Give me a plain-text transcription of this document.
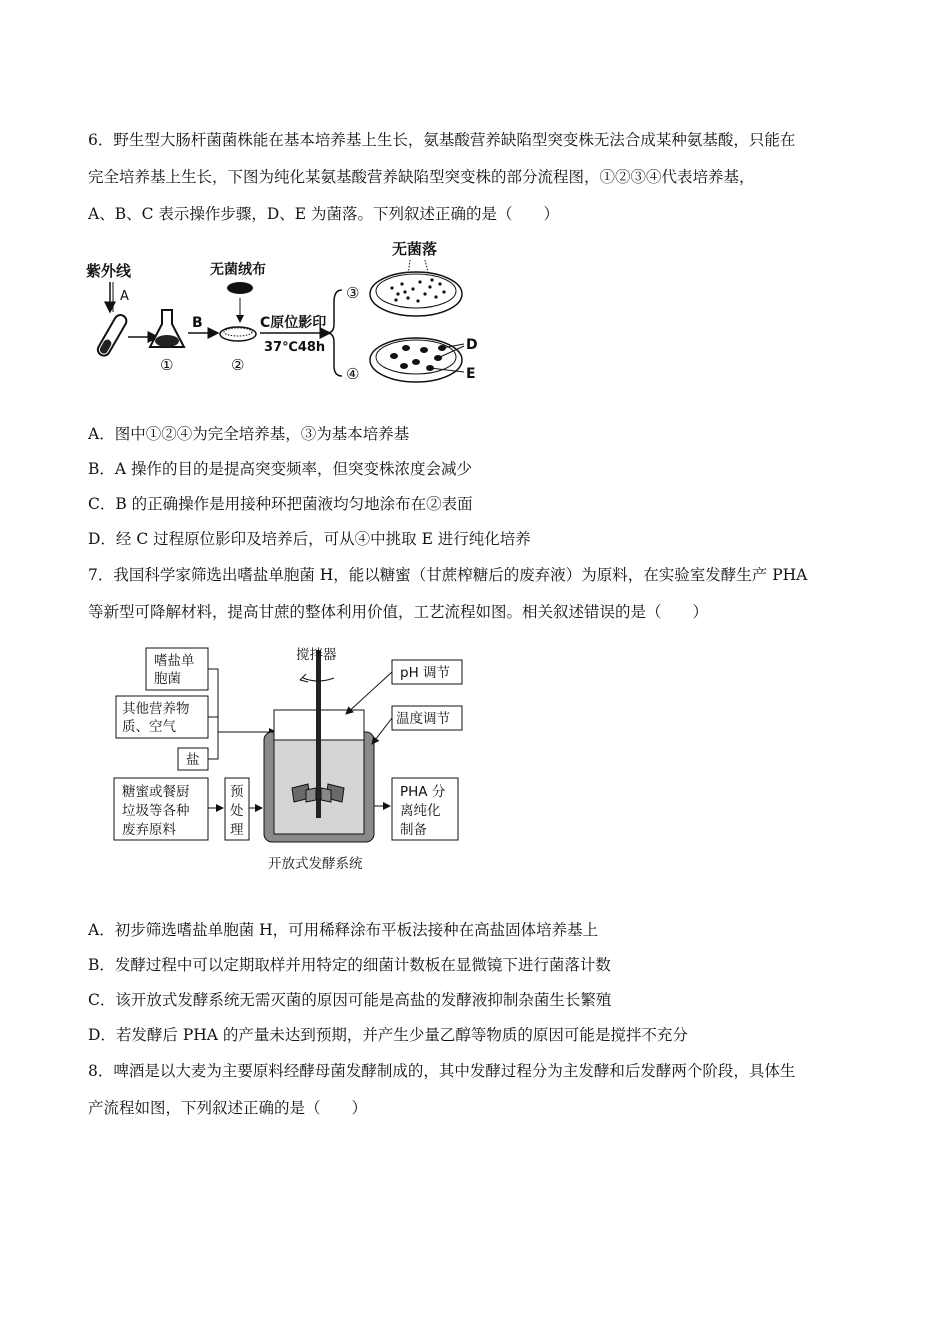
6．野生型大肠杆菌菌株能在基本培养基上生长，氨基酸营养缺陷型突变株无法合成某种氨基酸，只能在
完全培养基上生长，下图为纯化某氨基酸营养缺陷型突变株的部分流程图，①②③④代表培养基，
A、B、C 表示操作步骤，D、E 为菌落。下列叙述正确的是（　　）
紫外线
A
①
B
无菌绒布
②
C原位影印
37℃48h
③
④
无菌落
D
E
A．图中①②④为完全培养基，③为基本培养基
B．A 操作的目的是提高突变频率，但突变株浓度会减少
C．B 的正确操作是用接种环把菌液均匀地涂布在②表面
D．经 C 过程原位影印及培养后，可从④中挑取 E 进行纯化培养
7．我国科学家筛选出嗜盐单胞菌 H，能以糖蜜（甘蔗榨糖后的废弃液）为原料，在实验室发酵生产 PHA
等新型可降解材料，提高甘蔗的整体利用价值，工艺流程如图。相关叙述错误的是（　　）
嗜盐单
胞菌
其他营养物
质、空气
盐
糖蜜或餐厨
垃圾等各种
废弃原料
预
处
理
搅拌器
pH 调节
温度调节
PHA 分
离纯化
制备
开放式发酵系统
A．初步筛选嗜盐单胞菌 H，可用稀释涂布平板法接种在高盐固体培养基上
B．发酵过程中可以定期取样并用特定的细菌计数板在显微镜下进行菌落计数
C．该开放式发酵系统无需灭菌的原因可能是高盐的发酵液抑制杂菌生长繁殖
D．若发酵后 PHA 的产量未达到预期，并产生少量乙醇等物质的原因可能是搅拌不充分
8．啤酒是以大麦为主要原料经酵母菌发酵制成的，其中发酵过程分为主发酵和后发酵两个阶段，具体生
产流程如图，下列叙述正确的是（　　）
